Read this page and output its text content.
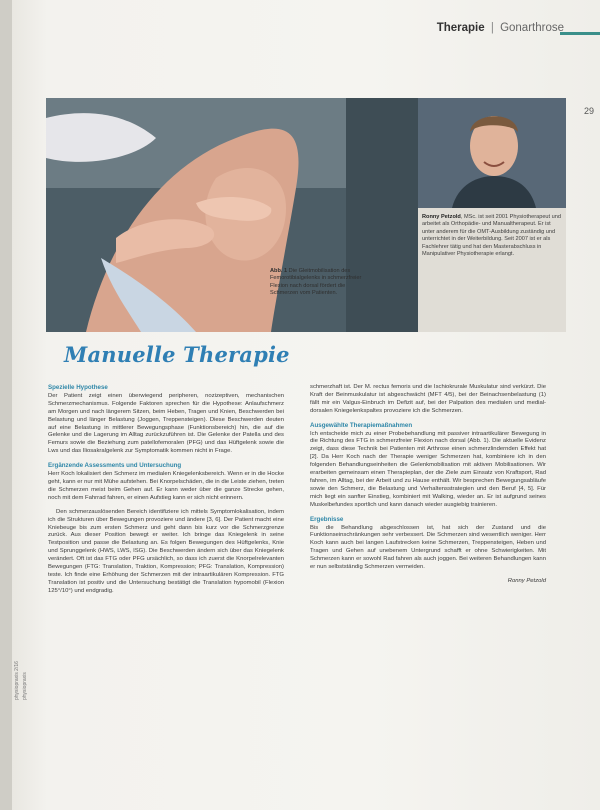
Therapie | Gonarthrose
29
Abb. 1 Die Gleitmobilisation des Femorotibialgelenks in schmerzfreier Flexion nach dorsal fördert die Schmerzen vom Patienten.
Ronny Petzold, MSc. ist seit 2001 Physiotherapeut und arbeitet als Orthopädie- und Manualtherapeut. Er ist unter anderem für die OMT-Ausbildung zuständig und unterrichtet in der Weiterbildung. Seit 2007 ist er als Fachlehrer tätig und hat den Masterabschluss in Manipulativer Physiotherapie erlangt.
Manuelle Therapie
Spezielle Hypothese

Der Patient zeigt einen überwiegend peripheren, nozizeptiven, mechanischen Schmerzmechanismus. Folgende Faktoren sprechen für die Hypothese: Anlaufschmerz am Morgen und nach längerem Sitzen, beim Heben, Tragen und Knien, Beschwerden bei Belastung und länger Belastung (Joggen, Treppensteigen). Diese Beschwerden deuten auf eine Belastung in mittlerer Bewegungsphase (Funktionsbereich) hin, die auf die Gelenke und die Lagerung im Alltag zurückzuführen ist. Die Gelenke der Patella und des Femurs sowie die Beziehung zum patellofemoralen (PFG) und das Hüftgelenk sowie die Lws und das Iliosakralgelenk zur Symptomatik kommen nicht in Frage.

Ergänzende Assessments und Untersuchung

Herr Koch lokalisiert den Schmerz im medialen Kniegelenksbereich. Wenn er in die Hocke geht, kann er nur mit Mühe aufstehen. Bei Knorpelschäden, die in die Leiste ziehen, treten die Schmerzen meist beim Gehen auf. Er kann weder über die ganze Strecke gehen, noch mit dem Fahrrad fahren, er einen Aufstieg kann er sich nicht erinnern.

Den schmerzauslösenden Bereich identifiziere ich mittels Symptomlokalisation, indem ich die Strukturen über Bewegungen provoziere und ändere [3, 6]. Der Patient macht eine Kniebeuge bis zum ersten Schmerz und geht dann bis kurz vor die Schmerzgrenze zurück. Aus dieser Position bewegt er weiter. Ich bringe das Kniegelenk in seine Testposition und passe die Belastung an. Es folgen Bewegungen des Hüftgelenks, Knie und Sprunggelenk (HWS, LWS, ISG). Die Beschwerden ändern sich über das Kniegelenk verändert. Oft ist das FTG oder PFG ursächlich, so dass ich zuerst die Knorpelrelevanten Bewegungen (FTG: Translation, Traktion, Kompression; PFG: Translation, Kompression) teste. Ich finde eine Erhöhung der Schmerzen mit der intraartikulären Kompression. FTG Translation ist positiv und die Untersuchung bestätigt die Translation hypomobil (Flexion 125°/10°) und endgradig.

schmerzhaft ist. Der M. rectus femoris und die Ischiokrurale Muskulatur sind verkürzt. Die Kraft der Beinmuskulatur ist abgeschwächt (MFT 4/5), bei der Beinachsenbelastung (1) fällt mir ein Valgus-Einbruch im Defizit auf, bei der Palpation des medialen und medial-dorsalen Kniegelenkspaltes provoziere ich die Schmerzen.

Ausgewählte Therapiemaßnahmen

Ich entscheide mich zu einer Probebehandlung mit passiver intraartikulärer Bewegung in die Richtung des FTG in schmerzfreier Flexion nach dorsal (Abb. 1). Die aktuelle Evidenz zeigt, dass diese Technik bei Patienten mit Arthrose einen schmerzlindernden Effekt hat [2]. Da Herr Koch nach der Therapie weniger Schmerzen hat, kombiniere ich in den folgenden Behandlungseinheiten die Gelenkmobilisation mit aktiven Mobilisationen. Wir erarbeiten gemeinsam einen Therapieplan, der die Ziele zum Einsatz von Kraftsport, Rad fahren, im Alltag, bei der Arbeit und zu Hause enthält. Wir besprechen Bewegungsabläufe sowie den Schmerz, die Belastung und Verhaltensstrategien und den Beruf [4, 5]. Für mich liegt ein sanfter Einstieg, kombiniert mit Walking, wieder an. Er ist aufgrund seines Muskelbefundes sportlich und kann danach wieder ausgiebig trainieren.

Ergebnisse

Bis die Behandlung abgeschlossen ist, hat sich der Zustand und die Funktionseinschränkungen sehr verbessert. Die Schmerzen sind wesentlich weniger. Herr Koch kann auch bei langen Laufstrecken keine Schmerzen, Treppensteigen, Heben und Tragen und Gehen auf unebenem Untergrund schafft er ohne Schwierigkeiten. Mit Schmerzen kann er sowohl Rad fahren als auch joggen. Bei weiteren Behandlungen kann er nun selbstständig Schmerzen vermeiden.

Ronny Petzold

physiopraxis 2/16 physiopraxis
